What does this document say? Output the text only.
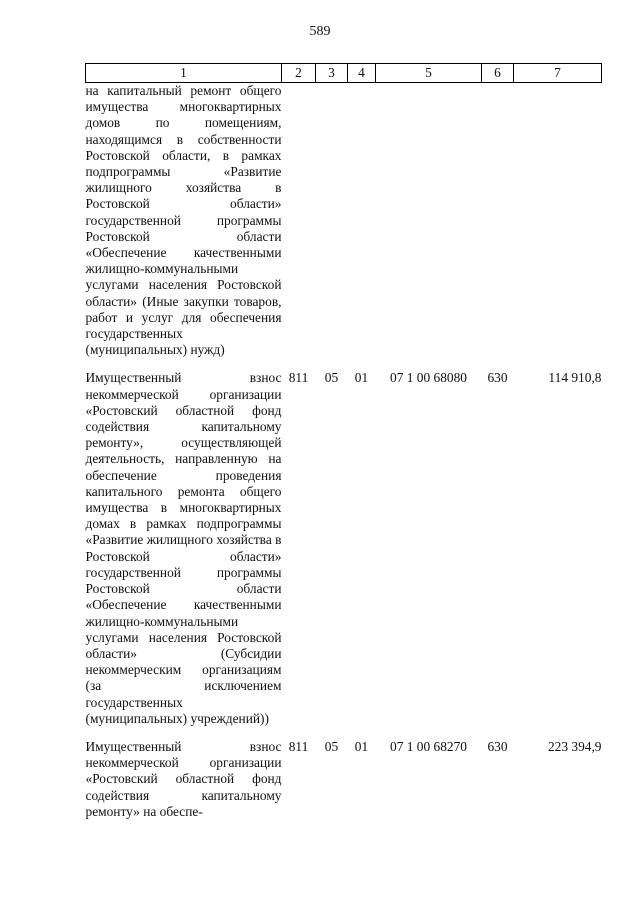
589
1	2	3	4	5	6	7
на капитальный ремонт общего имущества многоквартирных домов по помещениям, находящимся в собственности Ростовской области, в рамках подпрограммы «Развитие жилищного хозяйства в Ростовской области» государственной программы Ростовской области «Обеспечение качественными жилищно-коммунальными услугами населения Ростовской области» (Иные закупки товаров, работ и услуг для обеспечения государственных (муниципальных) нужд)						

Имущественный взнос некоммерческой организации «Ростовский областной фонд содействия капитальному ремонту», осуществляющей деятельность, направленную на обеспечение проведения капитального ремонта общего имущества в многоквартирных домах в рамках подпрограммы «Развитие жилищного хозяйства в Ростовской области» государственной программы Ростовской области «Обеспечение качественными жилищно-коммунальными услугами населения Ростовской области» (Субсидии некоммерческим организациям (за исключением государственных (муниципальных) учреждений))	811	05	01	07 1 00 68080	630	114 910,8

Имущественный взнос некоммерческой организации «Ростовский областной фонд содействия капитальному ремонту» на обеспе-	811	05	01	07 1 00 68270	630	223 394,9
